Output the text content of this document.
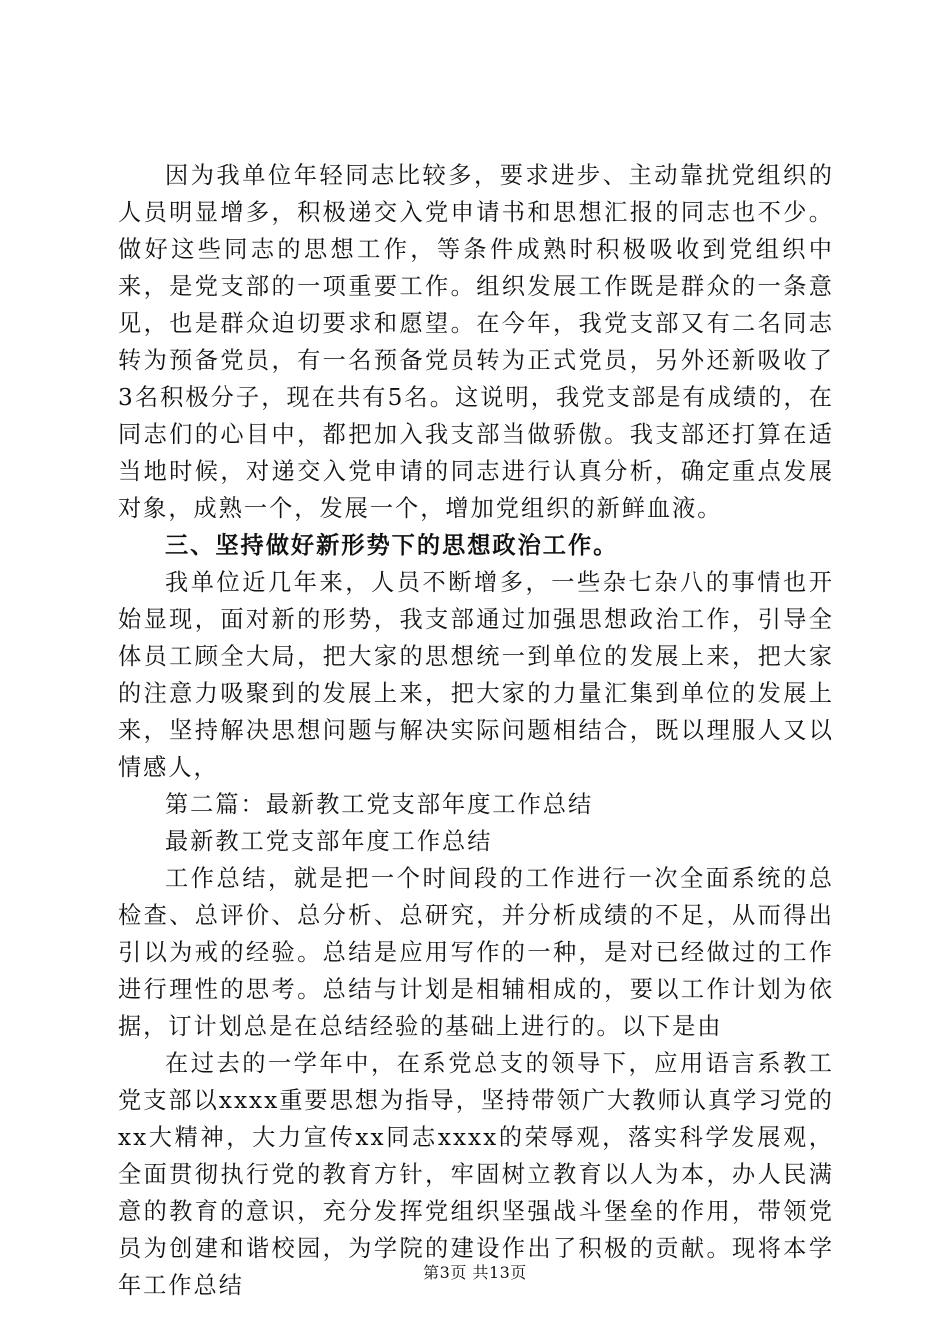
因为我单位年轻同志比较多，要求进步、主动靠扰党组织的人员明显增多，积极递交入党申请书和思想汇报的同志也不少。做好这些同志的思想工作，等条件成熟时积极吸收到党组织中来，是党支部的一项重要工作。组织发展工作既是群众的一条意见，也是群众迫切要求和愿望。在今年，我党支部又有二名同志转为预备党员，有一名预备党员转为正式党员，另外还新吸收了3名积极分子，现在共有5名。这说明，我党支部是有成绩的，在同志们的心目中，都把加入我支部当做骄傲。我支部还打算在适当地时候，对递交入党申请的同志进行认真分析，确定重点发展对象，成熟一个，发展一个，增加党组织的新鲜血液。

三、坚持做好新形势下的思想政治工作。

我单位近几年来，人员不断增多，一些杂七杂八的事情也开始显现，面对新的形势，我支部通过加强思想政治工作，引导全体员工顾全大局，把大家的思想统一到单位的发展上来，把大家的注意力吸聚到的发展上来，把大家的力量汇集到单位的发展上来，坚持解决思想问题与解决实际问题相结合，既以理服人又以情感人，

第二篇：最新教工党支部年度工作总结

最新教工党支部年度工作总结

工作总结，就是把一个时间段的工作进行一次全面系统的总检查、总评价、总分析、总研究，并分析成绩的不足，从而得出引以为戒的经验。总结是应用写作的一种，是对已经做过的工作进行理性的思考。总结与计划是相辅相成的，要以工作计划为依据，订计划总是在总结经验的基础上进行的。以下是由

在过去的一学年中，在系党总支的领导下，应用语言系教工党支部以xxxx重要思想为指导，坚持带领广大教师认真学习党的xx大精神，大力宣传xx同志xxxx的荣辱观，落实科学发展观，全面贯彻执行党的教育方针，牢固树立教育以人为本，办人民满意的教育的意识，充分发挥党组织坚强战斗堡垒的作用，带领党员为创建和谐校园，为学院的建设作出了积极的贡献。现将本学年工作总结	第3页 共13页
